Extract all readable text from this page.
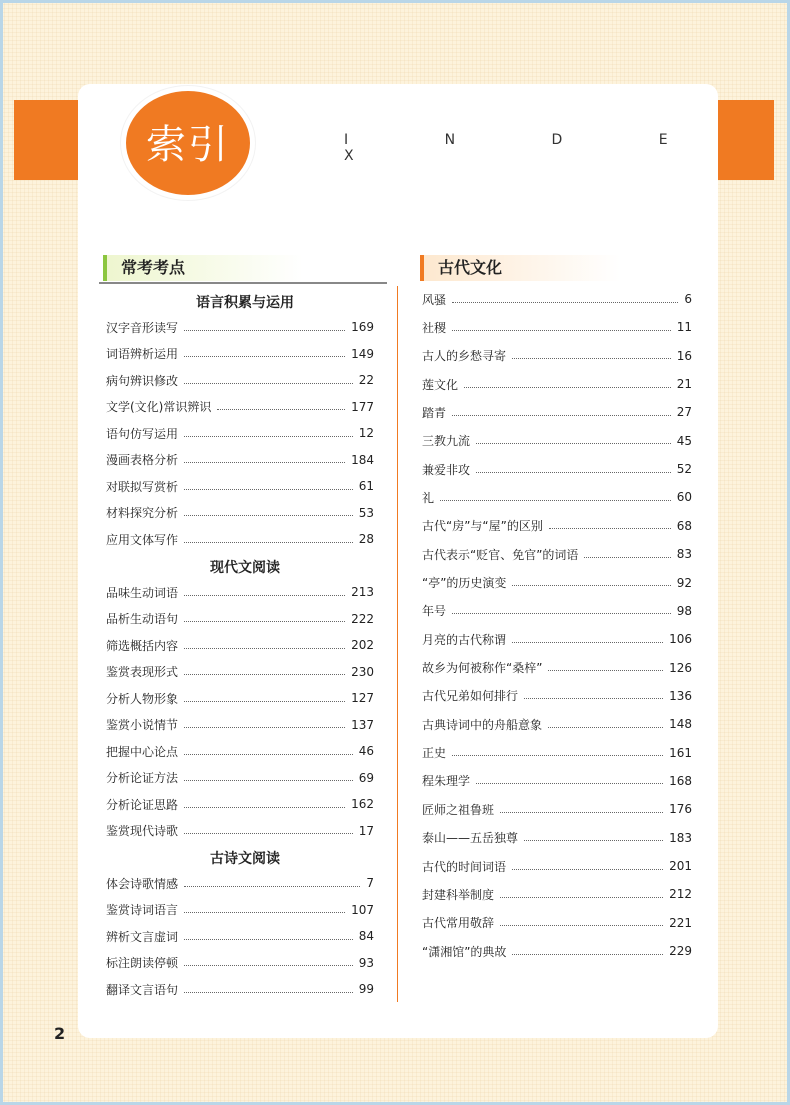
索引	I N D E X
常考考点	古代文化
语言积累与运用
现代文阅读
古诗文阅读
汉字音形读写	169
词语辨析运用	149
病句辨识修改	22
文学(文化)常识辨识	177
语句仿写运用	12
漫画表格分析	184
对联拟写赏析	61
材料探究分析	53
应用文体写作	28
品味生动词语	213
品析生动语句	222
筛选概括内容	202
鉴赏表现形式	230
分析人物形象	127
鉴赏小说情节	137
把握中心论点	46
分析论证方法	69
分析论证思路	162
鉴赏现代诗歌	17
体会诗歌情感	7
鉴赏诗词语言	107
辨析文言虚词	84
标注朗读停顿	93
翻译文言语句	99
风骚	6
社稷	11
古人的乡愁寻寄	16
莲文化	21
踏青	27
三教九流	45
兼爱非攻	52
礼	60
古代“房”与“屋”的区别	68
古代表示“贬官、免官”的词语	83
“亭”的历史演变	92
年号	98
月亮的古代称谓	106
故乡为何被称作“桑梓”	126
古代兄弟如何排行	136
古典诗词中的舟船意象	148
正史	161
程朱理学	168
匠师之祖鲁班	176
泰山——五岳独尊	183
古代的时间词语	201
封建科举制度	212
古代常用敬辞	221
“潇湘馆”的典故	229
2
